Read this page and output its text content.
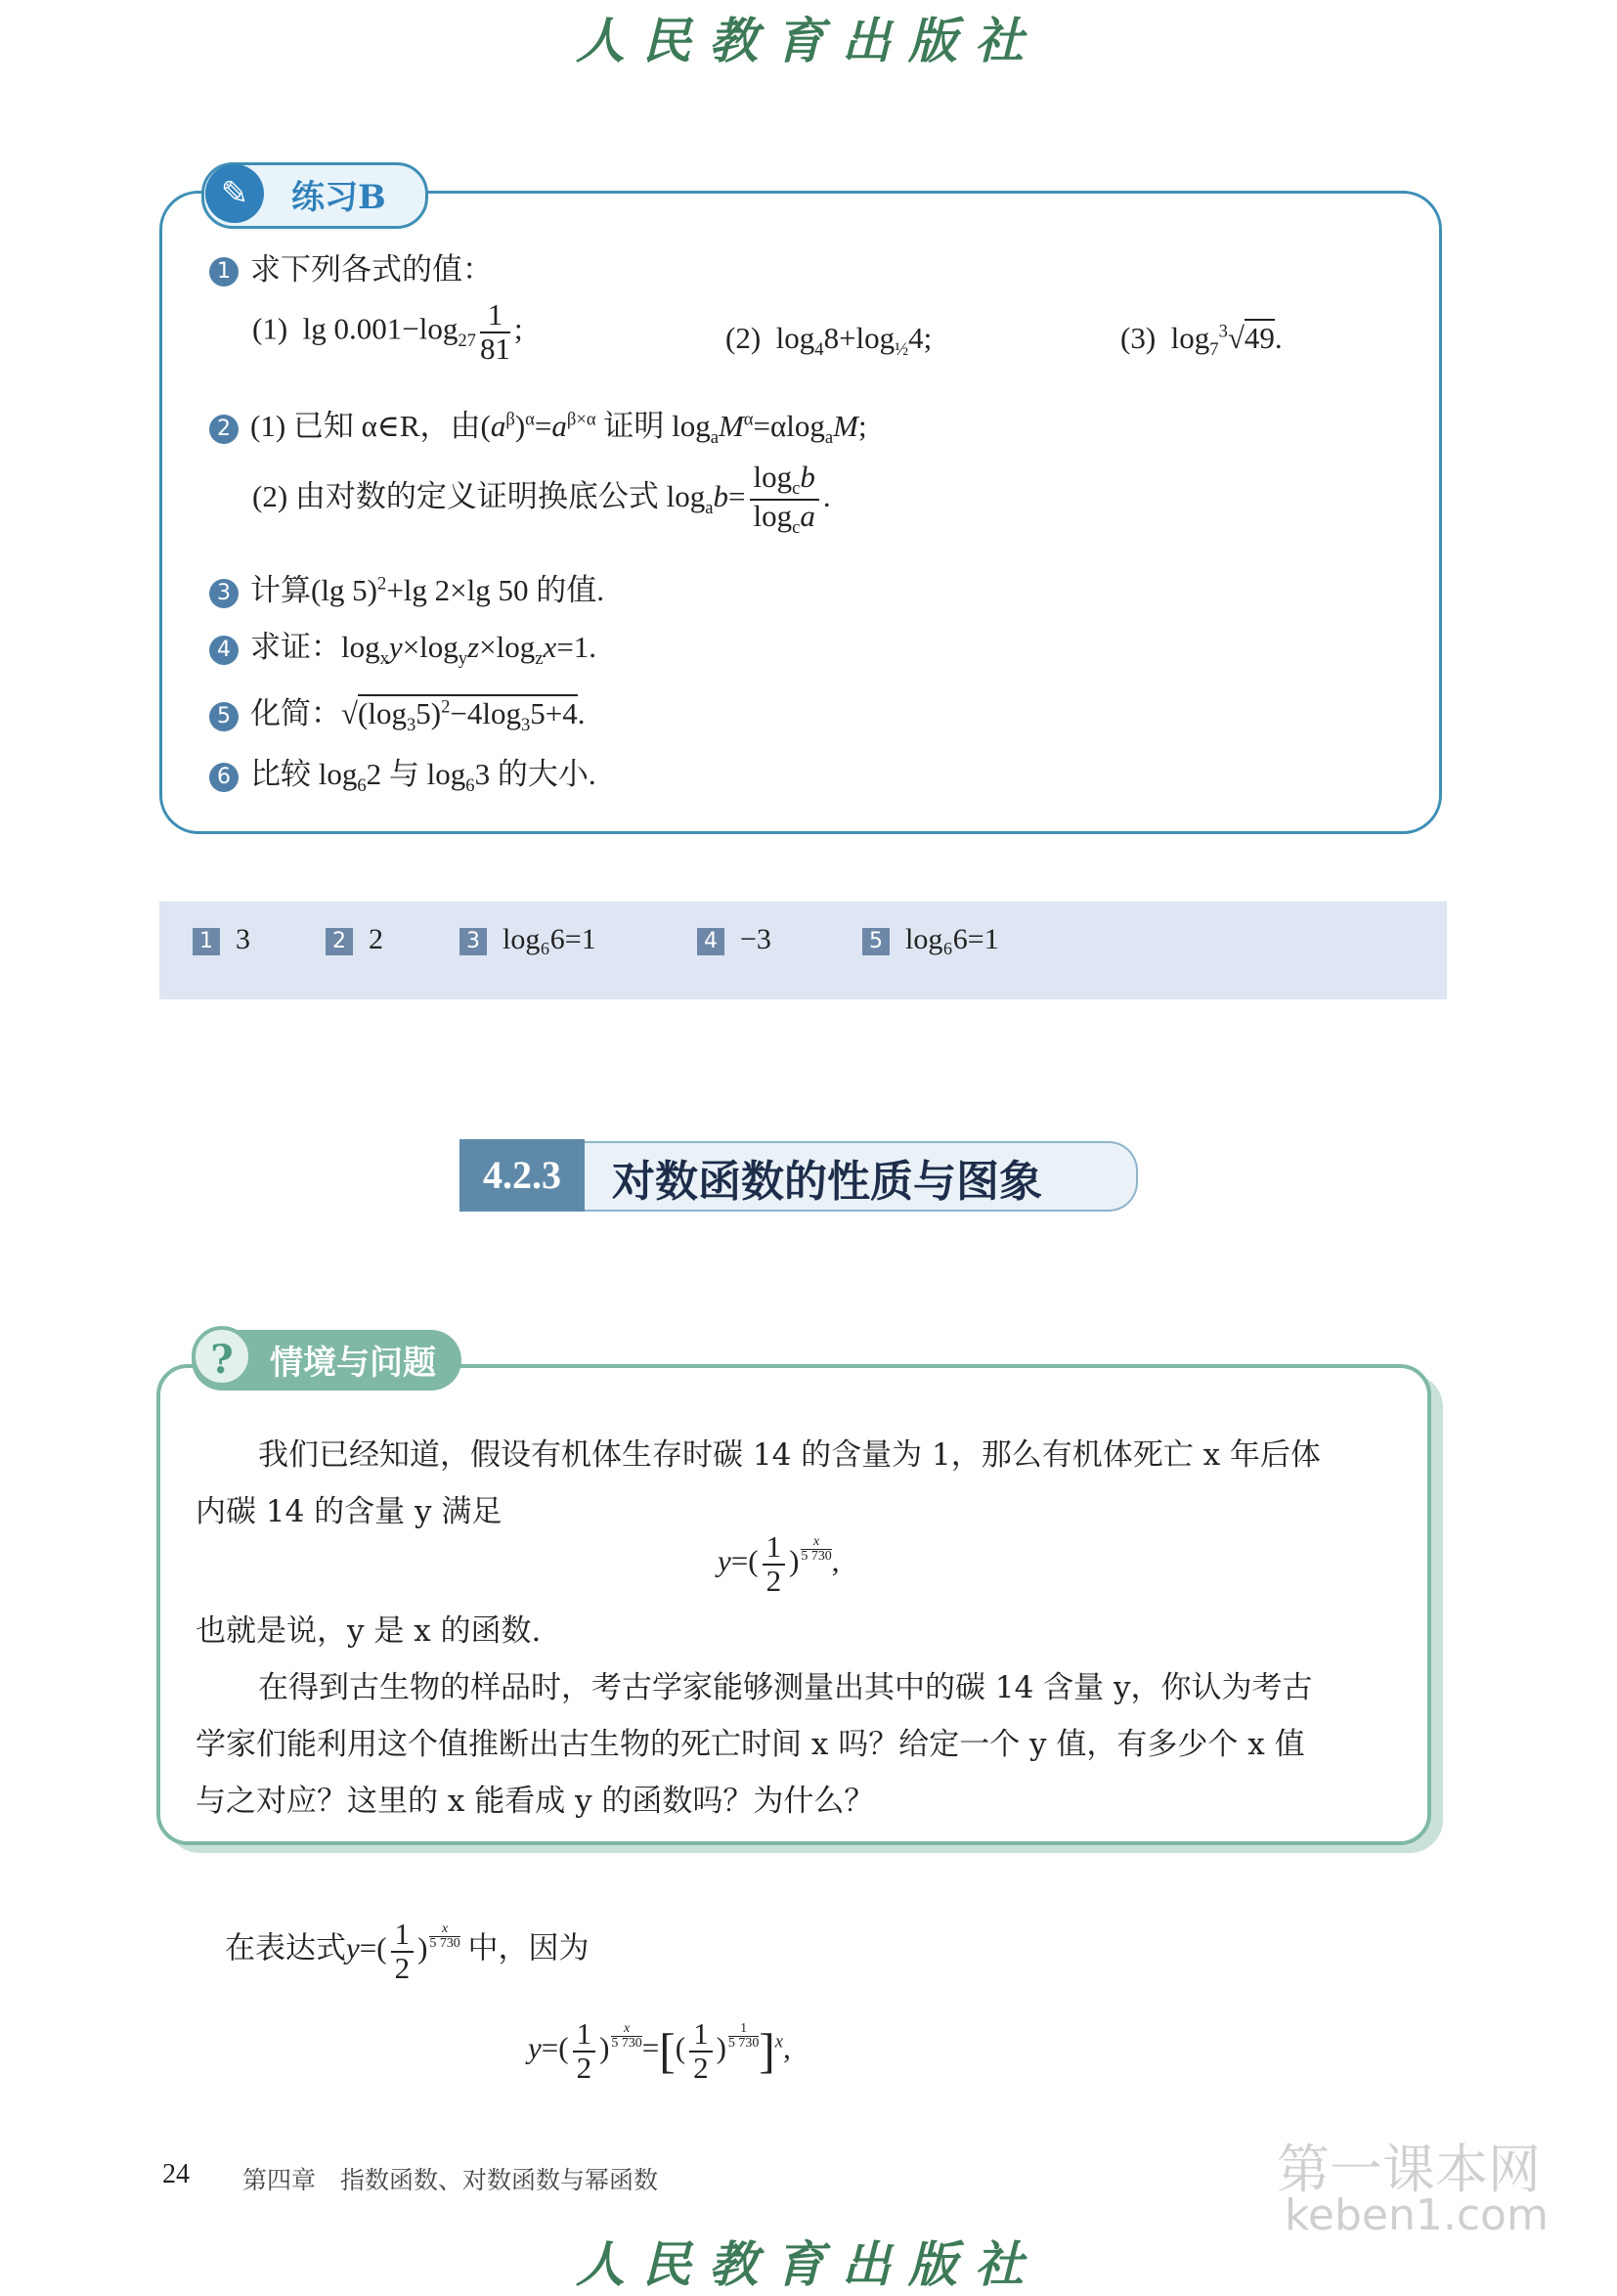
人民教育出版社
✎	练习B
1 求下列各式的值：
(1)  $\lg 0.001-\log_{27} \frac{1}{81}$ ;	(2)  $\log_48+\log_{\frac{1}{2}}4$;	(3)  $\log_7^3√49$.
2 (1) 已知 α∈R，由$(a^\beta)^\alpha=a^{\beta\times\alpha}$ 证明 $\log_aM^\alpha=\alpha\log_aM$;
(2) 由对数的定义证明换底公式 $\log_ab= \frac{\log_cb}{\log_ca}$ .
3 计算(lg 5)$^2$+lg 2×lg 50 的值.
4 求证：$\log_xy\times\log_yz\times\log_zx=1$.
5 化简：$√(\log_35)^2-4\log_35+4$.
6 比较 $\log_62$ 与 $\log_63$ 的大小.
1 3	2 2	3 log₆6=1	4 −3	5 log₆6=1
4.2.3	对数函数的性质与图象
?	情境与问题
我们已经知道，假设有机体生存时碳 14 的含量为 1，那么有机体死亡 x 年后体
内碳 14 的含量 y 满足
$y=( \frac{1}{2}$ ) $\frac{x}{5 730}$ ,
也就是说，y 是 x 的函数.
在得到古生物的样品时，考古学家能够测量出其中的碳 14 含量 y，你认为考古
学家们能利用这个值推断出古生物的死亡时间 x 吗？给定一个 y 值，有多少个 x 值
与之对应？这里的 x 能看成 y 的函数吗？为什么？
在表达式$y=( \frac{1}{2}$ ) $\frac{x}{5 730}$ 中，因为
$y=( \frac{1}{2}$ ) $\frac{x}{5 730}$ =[( $\frac{1}{2}$ ) $\frac{1}{5 730} ]^x$,
24 第四章　指数函数、对数函数与幂函数	第一课本网
keben1.com
人民教育出版社
